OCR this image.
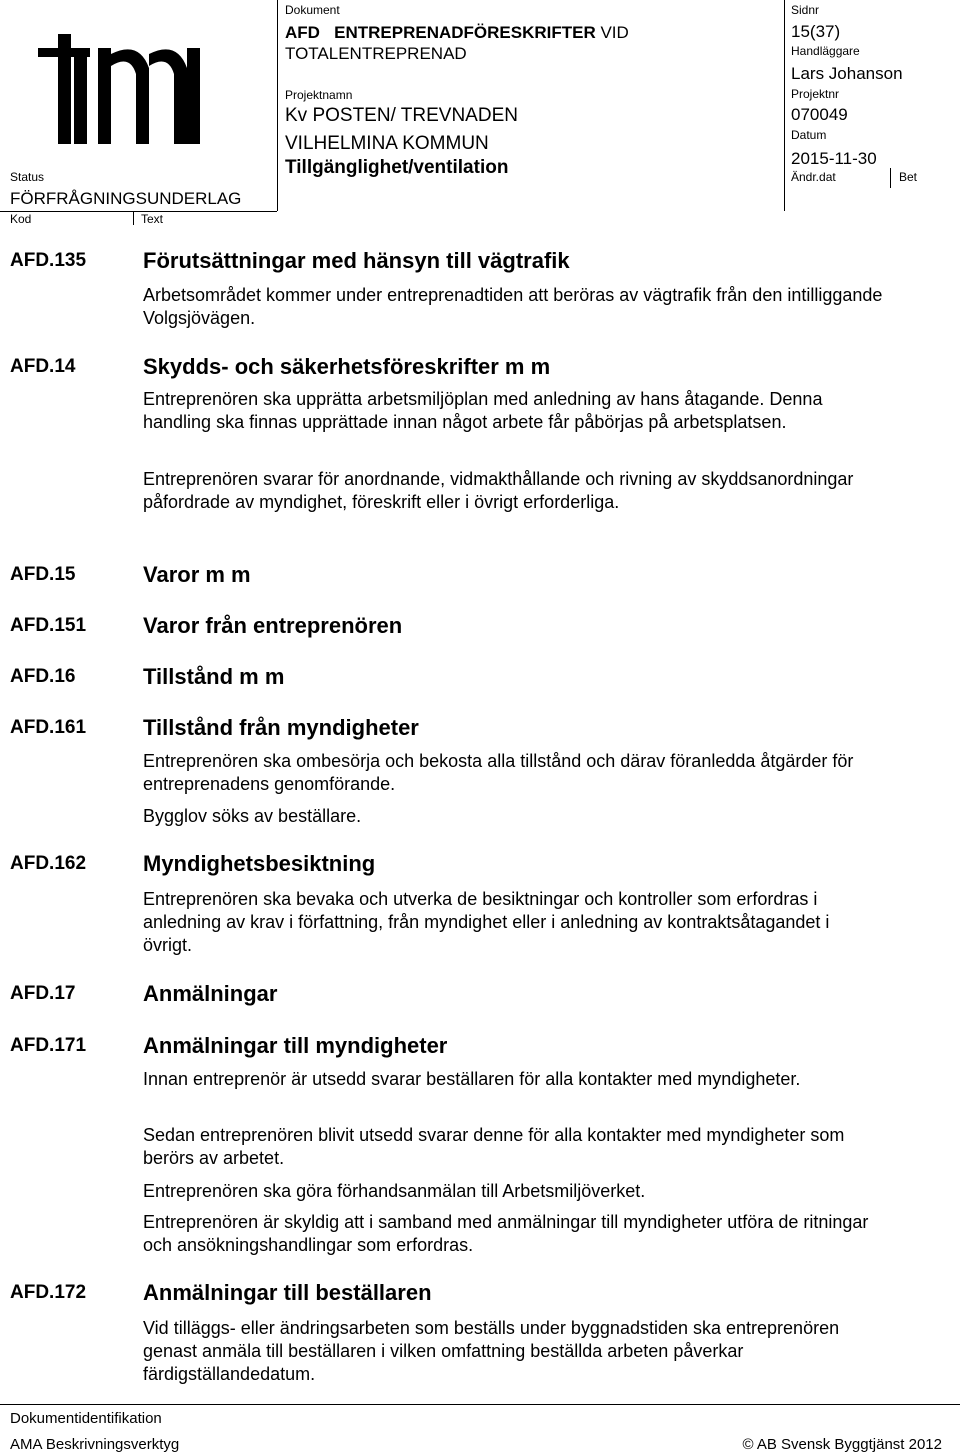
Status
FÖRFRÅGNINGSUNDERLAG
Kod	Text
Dokument
AFD ENTREPRENADFÖRESKRIFTER VID
TOTALENTREPRENAD
Projektnamn
Kv POSTEN/ TREVNADEN
VILHELMINA KOMMUN
Tillgänglighet/ventilation
Sidnr
15(37)
Handläggare
Lars Johanson
Projektnr
070049
Datum
2015-11-30
Ändr.dat	Bet
AFD.135	Förutsättningar med hänsyn till vägtrafik

Arbetsområdet kommer under entreprenadtiden att beröras av vägtrafik från den intilliggande Volgsjövägen.

AFD.14	Skydds- och säkerhetsföreskrifter m m

Entreprenören ska upprätta arbetsmiljöplan med anledning av hans åtagande. Denna handling ska finnas upprättade innan något arbete får påbörjas på arbetsplatsen.

Entreprenören svarar för anordnande, vidmakthållande och rivning av skyddsanordningar påfordrade av myndighet, föreskrift eller i övrigt erforderliga.

AFD.15	Varor m m
AFD.151	Varor från entreprenören
AFD.16	Tillstånd m m
AFD.161	Tillstånd från myndigheter

Entreprenören ska ombesörja och bekosta alla tillstånd och därav föranledda åtgärder för entreprenadens genomförande.

Bygglov söks av beställare.

AFD.162	Myndighetsbesiktning

Entreprenören ska bevaka och utverka de besiktningar och kontroller som erfordras i anledning av krav i författning, från myndighet eller i anledning av kontraktsåtagandet i övrigt.

AFD.17	Anmälningar
AFD.171	Anmälningar till myndigheter

Innan entreprenör är utsedd svarar beställaren för alla kontakter med myndigheter.

Sedan entreprenören blivit utsedd svarar denne för alla kontakter med myndigheter som berörs av arbetet.

Entreprenören ska göra förhandsanmälan till Arbetsmiljöverket.

Entreprenören är skyldig att i samband med anmälningar till myndigheter utföra de ritningar och ansökningshandlingar som erfordras.

AFD.172	Anmälningar till beställaren

Vid tilläggs- eller ändringsarbeten som beställs under byggnadstiden ska entreprenören genast anmäla till beställaren i vilken omfattning beställda arbeten påverkar färdigställandedatum.

Dokumentidentifikation
AMA Beskrivningsverktyg	© AB Svensk Byggtjänst 2012
